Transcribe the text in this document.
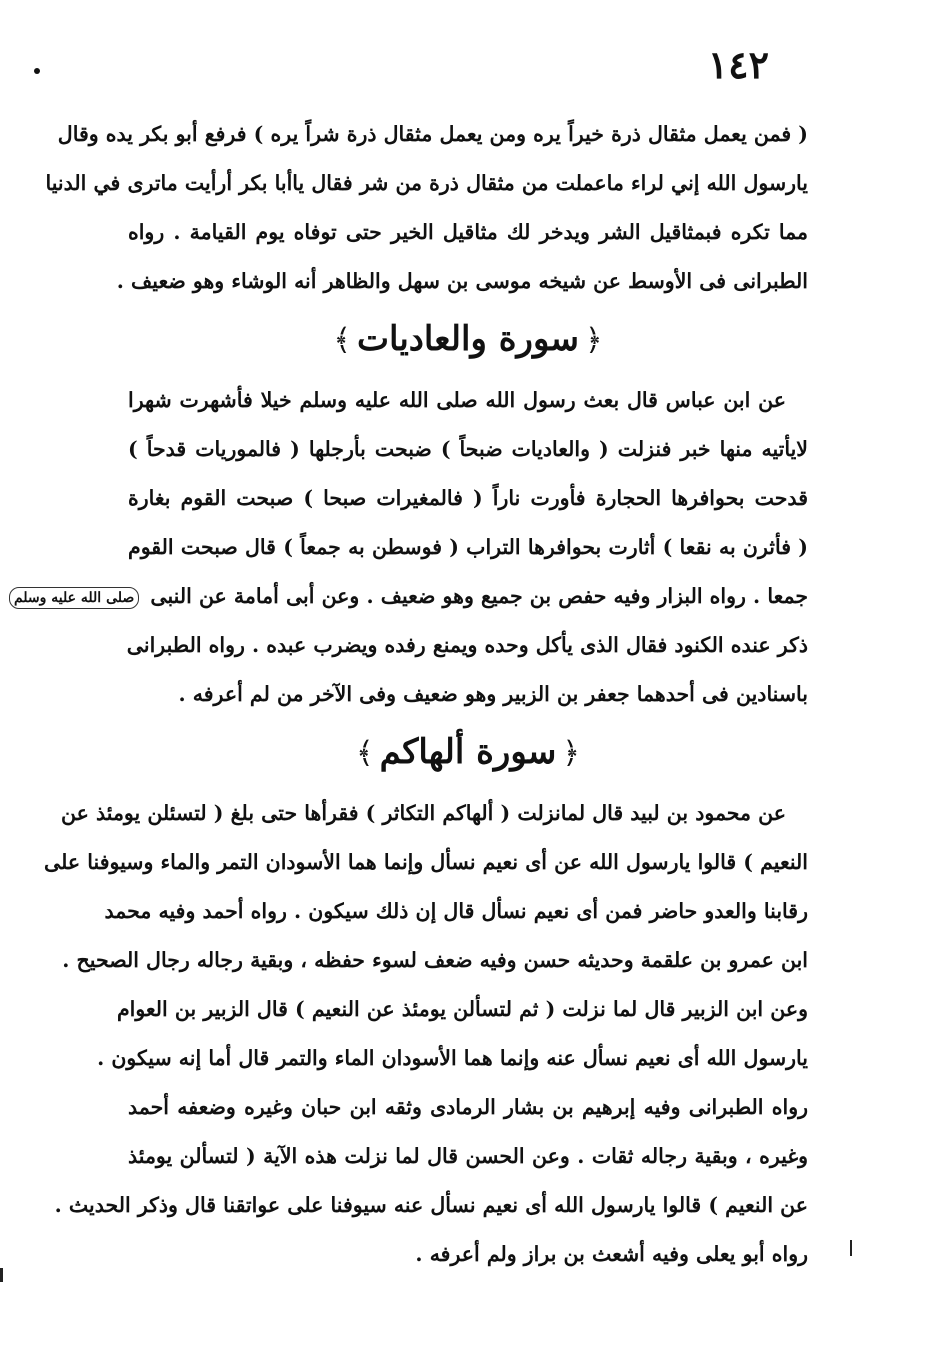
١٤٢
( فمن يعمل مثقال ذرة خيراً يره ومن يعمل مثقال ذرة شراً يره ) فرفع أبو بكر يده وقال
يارسول الله إني لراء ماعملت من مثقال ذرة من شر فقال ياأبا بكر أرأيت ماترى في الدنيا
مما تكره فبمثاقيل الشر ويدخر لك مثاقيل الخير حتى توفاه يوم القيامة . رواه
الطبرانى فى الأوسط عن شيخه موسى بن سهل والظاهر أنه الوشاء وهو ضعيف .
﴿سورة والعاديات﴾
عن ابن عباس قال بعث رسول الله صلى الله عليه وسلم خيلا فأشهرت شهرا
لايأتيه منها خبر فنزلت ( والعاديات ضبحاً ) ضبحت بأرجلها ( فالموريات قدحاً )
قدحت بحوافرها الحجارة فأورت ناراً ( فالمغيرات صبحا ) صبحت القوم بغارة
( فأثرن به نقعا ) أثارت بحوافرها التراب ( فوسطن به جمعاً ) قال صبحت القوم
جمعا . رواه البزار وفيه حفص بن جميع وهو ضعيف . وعن أبى أمامة عن النبى صلى الله عليه وسلم
ذكر عنده الكنود فقال الذى يأكل وحده ويمنع رفده ويضرب عبده . رواه الطبرانى
باسنادين فى أحدهما جعفر بن الزبير وهو ضعيف وفى الآخر من لم أعرفه .
﴿سورة ألهاكم﴾
عن محمود بن لبيد قال لمانزلت ( ألهاكم التكاثر ) فقرأها حتى بلغ ( لتسئلن يومئذ عن
النعيم ) قالوا يارسول الله عن أى نعيم نسأل وإنما هما الأسودان التمر والماء وسيوفنا على
رقابنا والعدو حاضر فمن أى نعيم نسأل قال إن ذلك سيكون . رواه أحمد وفيه محمد
ابن عمرو بن علقمة وحديثه حسن وفيه ضعف لسوء حفظه ، وبقية رجاله رجال الصحيح .
وعن ابن الزبير قال لما نزلت ( ثم لتسألن يومئذ عن النعيم ) قال الزبير بن العوام
يارسول الله أى نعيم نسأل عنه وإنما هما الأسودان الماء والتمر قال أما إنه سيكون .
رواه الطبرانى وفيه إبرهيم بن بشار الرمادى وثقه ابن حبان وغيره وضعفه أحمد
وغيره ، وبقية رجاله ثقات . وعن الحسن قال لما نزلت هذه الآية ( لتسألن يومئذ
عن النعيم ) قالوا يارسول الله أى نعيم نسأل عنه سيوفنا على عواتقنا قال وذكر الحديث .
رواه أبو يعلى وفيه أشعث بن براز ولم أعرفه .
